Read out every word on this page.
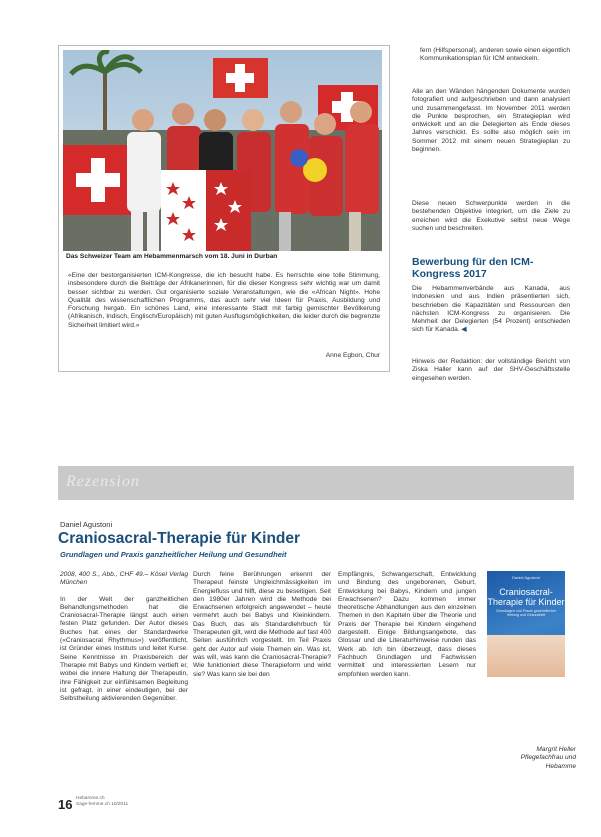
Das Schweizer Team am Hebammenmarsch vom 18. Juni in Durban
«Eine der bestorganisierten ICM-Kongresse, die ich besucht habe. Es herrschte eine tolle Stimmung, insbesondere durch die Beiträge der Afrikanerinnen, für die dieser Kongress sehr wichtig war um damit besser sichtbar zu werden. Gut organisierte soziale Veranstaltungen, wie die «African Night». Hohe Qualität des wissenschaftlichen Programms, das auch sehr viel Ideen für Praxis, Ausbildung und Forschung hergab. Ein schönes Land, eine interessante Stadt mit farbig gemischter Bevölkerung (Afrikanisch, Indisch, Englisch/Europäisch) mit guten Ausflugsmöglichkeiten, die leider durch die begrenzte Sicherheit limitiert wird.»
Anne Egbon, Chur
fern (Hilfspersonal), anderen sowie einen eigentlich Kommunikationsplan für ICM entwickeln.
Alle an den Wänden hängenden Dokumente wurden fotografiert und aufgeschrieben und dann analysiert und zusammengefasst. Im November 2011 werden die Punkte besprochen, ein Strategieplan wird entwickelt und an die Delegierten als Ende dieses Jahres verschickt. Es sollte also möglich sein im Sommer 2012 mit einem neuen Strategieplan zu beginnen.
Diese neuen Schwerpunkte werden in die bestehenden Objektive integriert, um die Ziele zu erreichen wird die Exekutive selbst neue Wege suchen und beschreiten.
Bewerbung für den ICM-Kongress 2017
Die Hebammenverbände aus Kanada, aus Indonesien und aus Indien präsentierten sich, beschrieben die Kapazitäten und Ressourcen den nächsten ICM-Kongress zu organisieren. Die Mehrheit der Delegierten (54 Prozent) entschieden sich für Kanada. ◀
Hinweis der Redaktion: der vollständige Bericht von Ziska Haller kann auf der SHV-Geschäftsstelle eingesehen werden.
Rezension
Daniel Agustoni
Craniosacral-Therapie für Kinder
Grundlagen und Praxis ganzheitlicher Heilung und Gesundheit
2008, 400 S., Abb., CHF 49.– Kösel Verlag München
In der Welt der ganzheitlichen Behandlungsmethoden hat die Craniosacral-Therapie längst auch einen festen Platz gefunden. Der Autor dieses Buches hat eines der Standardwerke («Craniosacral Rhythmus») veröffentlicht, ist Gründer eines Instituts und leitet Kurse. Seine Kenntnisse im Praxisbereich der Therapie mit Babys und Kindern vertieft er, wobei die innere Haltung der Therapeutin, ihre Fähigkeit zur einfühlsamen Begleitung ist gefragt, in einer eindeutigen, bei der Selbstheilung aktivierenden Gegenüber.
Durch feine Berührungen erkennt der Therapeut feinste Ungleichmässigkeiten im Energiefluss und hilft, diese zu beseitigen. Seit den 1980er Jahren wird die Methode bei Erwachsenen erfolgreich angewendet – heute vermehrt auch bei Babys und Kleinkindern. Das Buch, das als Standardlehrbuch für Therapeuten gilt, wird die Methode auf fast 400 Seiten ausführlich vorgestellt. Im Teil Praxis geht der Autor auf viele Themen ein. Was ist, was will, was kann die Craniosacral-Therapie? Wie funktioniert diese Therapieform und wirkt sie? Was kann sie bei den
Empfängnis, Schwangerschaft, Entwicklung und Bindung des ungeborenen, Geburt, Entwicklung bei Babys, Kindern und jungen Erwachsenen? Dazu kommen immer theoretische Abhandlungen aus den einzelnen Themen in den Kapiteln über die Theorie und Praxis der Therapie bei Kindern eingehend dargestellt. Einige Bildungsangebote, das Glossar und die Literaturhinweise runden das Werk ab. Ich bin überzeugt, dass dieses Fachbuch Grundlagen und Fachwissen vermittelt und interessierten Lesern nur empfohlen werden kann.
Daniel Agustoni
Craniosacral-Therapie für Kinder
Grundlagen und Praxis ganzheitlicher Heilung und Gesundheit
Margrit Heller
Pflegefachfrau und Hebamme
16 Hebamme.ch
Sage-femme.ch 10/2011
